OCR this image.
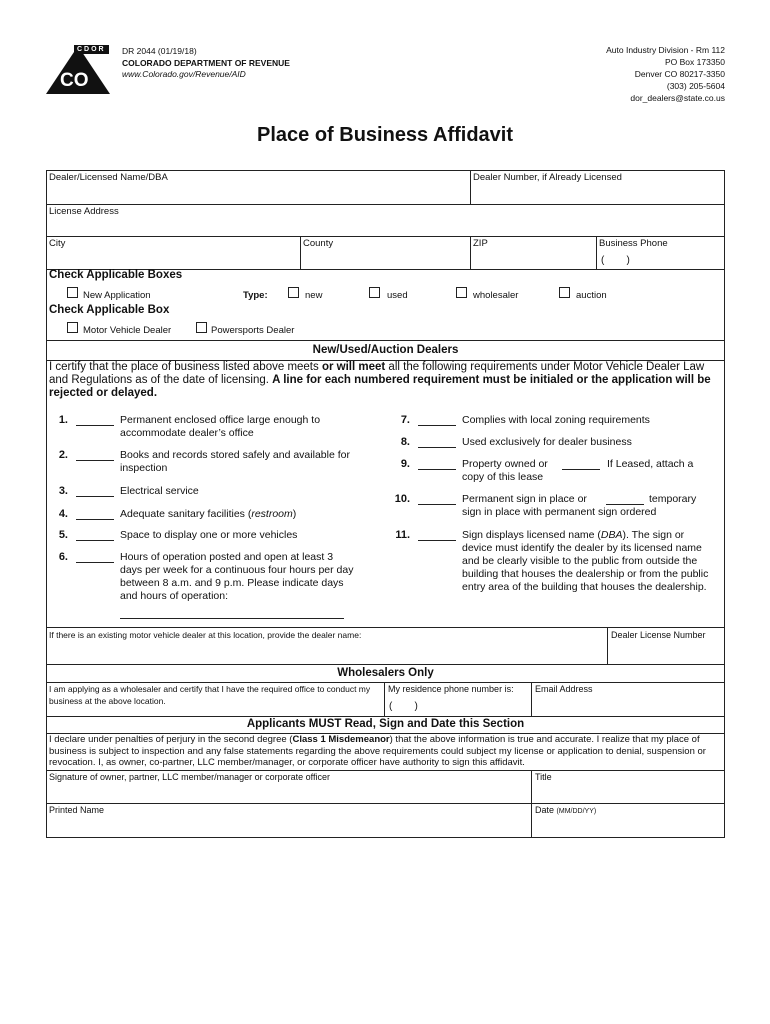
CDOR
CO
DR 2044 (01/19/18)
COLORADO DEPARTMENT OF REVENUE
www.Colorado.gov/Revenue/AID
Auto Industry Division - Rm 112
PO Box 173350
Denver CO 80217-3350
(303) 205-5604
dor_dealers@state.co.us
Place of Business Affidavit
Dealer/Licensed Name/DBA	Dealer Number, if Already Licensed
License Address
City	County	ZIP	Business Phone
(        )
Check Applicable Boxes
New Application	Type:	new	used	wholesaler	auction
Check Applicable Box
Motor Vehicle Dealer	Powersports Dealer
New/Used/Auction Dealers
I certify that the place of business listed above meets or will meet all the following requirements under Motor Vehicle Dealer Law and Regulations as of the date of licensing. A line for each numbered requirement must be initialed or the application will be rejected or delayed.
1.	Permanent enclosed office large enough to accommodate dealer’s office
2.	Books and records stored safely and available for inspection
3.	Electrical service
4.	Adequate sanitary facilities (restroom)
5.	Space to display one or more vehicles
6.	Hours of operation posted and open at least 3 days per week for a continuous four hours per day between 8 a.m. and 9 p.m. Please indicate days and hours of operation:
7.	Complies with local zoning requirements
8.	Used exclusively for dealer business
9.	Property owned or	If Leased, attach a copy of this lease
10.	Permanent sign in place or	temporary sign in place with permanent sign ordered
11.	Sign displays licensed name (DBA). The sign or device must identify the dealer by its licensed name and be clearly visible to the public from outside the building that houses the dealership or from the public entry area of the building that houses the dealership.
If there is an existing motor vehicle dealer at this location, provide the dealer name:	Dealer License Number
Wholesalers Only
I am applying as a wholesaler and certify that I have the required office to conduct my business at the above location.
My residence phone number is:
(        )
Email Address
Applicants MUST Read, Sign and Date this Section
I declare under penalties of perjury in the second degree (Class 1 Misdemeanor) that the above information is true and accurate. I realize that my place of business is subject to inspection and any false statements regarding the above requirements could subject my license or application to denial, suspension or revocation. I, as owner, co-partner, LLC member/manager, or corporate officer have authority to sign this affidavit.
Signature of owner, partner, LLC member/manager or corporate officer	Title
Printed Name	Date (MM/DD/YY)
